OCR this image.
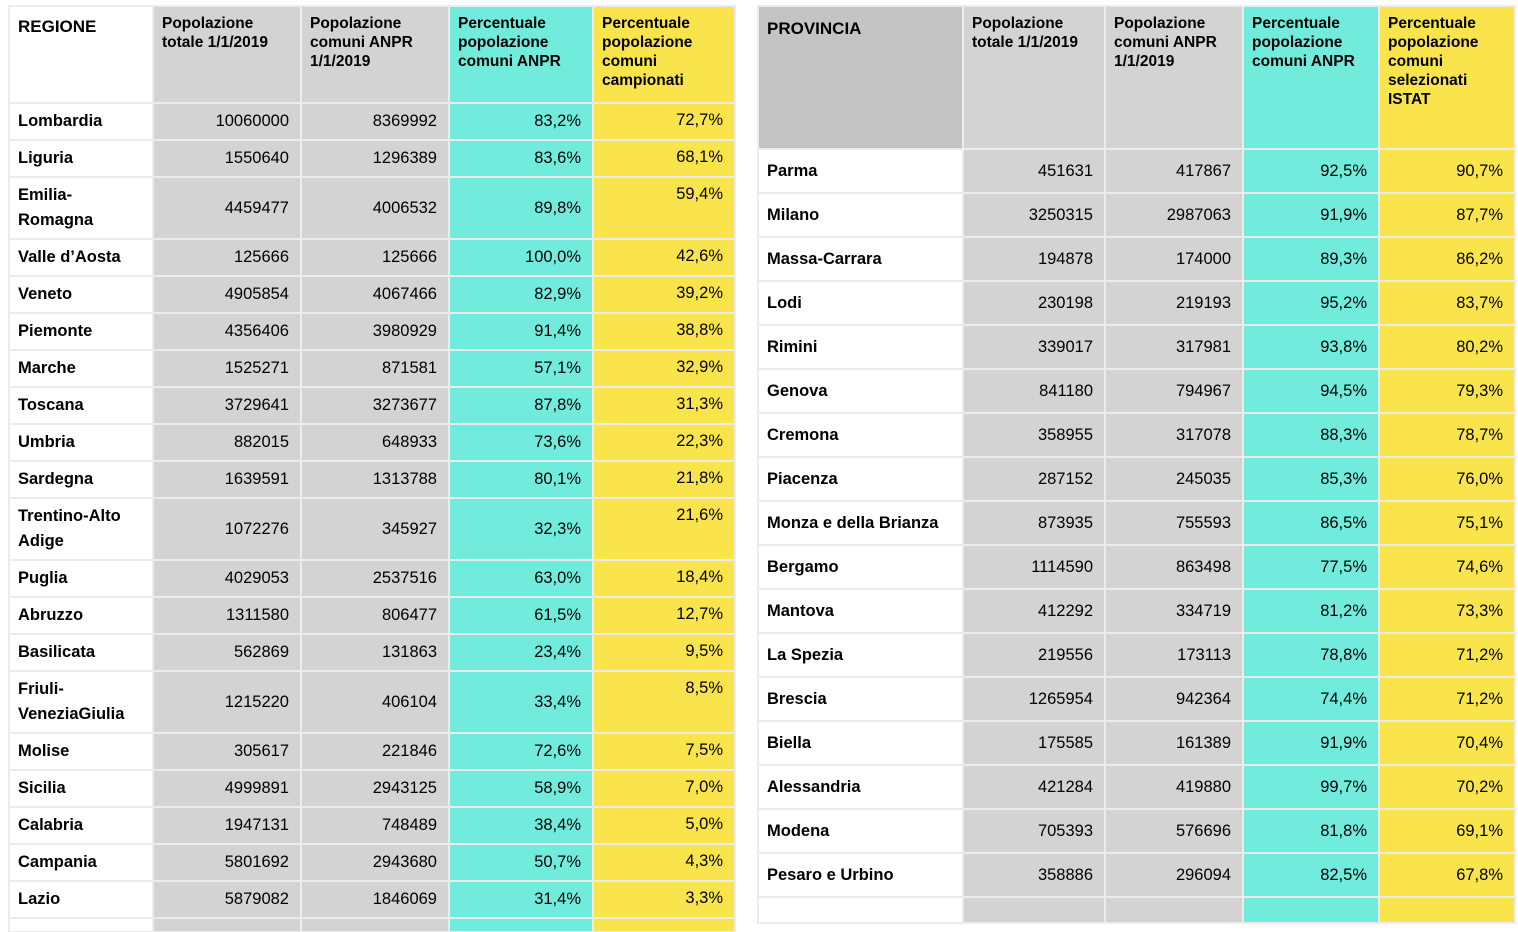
REGIONE	Popolazione totale 1/1/2019	Popolazione comuni ANPR 1/1/2019	Percentuale popolazione comuni ANPR	Percentuale popolazione comuni campionati
Lombardia	10060000	8369992	83,2%	72,7%
Liguria	1550640	1296389	83,6%	68,1%
Emilia-Romagna	4459477	4006532	89,8%	59,4%
Valle d’Aosta	125666	125666	100,0%	42,6%
Veneto	4905854	4067466	82,9%	39,2%
Piemonte	4356406	3980929	91,4%	38,8%
Marche	1525271	871581	57,1%	32,9%
Toscana	3729641	3273677	87,8%	31,3%
Umbria	882015	648933	73,6%	22,3%
Sardegna	1639591	1313788	80,1%	21,8%
Trentino-Alto Adige	1072276	345927	32,3%	21,6%
Puglia	4029053	2537516	63,0%	18,4%
Abruzzo	1311580	806477	61,5%	12,7%
Basilicata	562869	131863	23,4%	9,5%
Friuli-VeneziaGiulia	1215220	406104	33,4%	8,5%
Molise	305617	221846	72,6%	7,5%
Sicilia	4999891	2943125	58,9%	7,0%
Calabria	1947131	748489	38,4%	5,0%
Campania	5801692	2943680	50,7%	4,3%
Lazio	5879082	1846069	31,4%	3,3%

PROVINCIA	Popolazione totale 1/1/2019	Popolazione comuni ANPR 1/1/2019	Percentuale popolazione comuni ANPR	Percentuale popolazione comuni selezionati ISTAT
Parma	451631	417867	92,5%	90,7%
Milano	3250315	2987063	91,9%	87,7%
Massa-Carrara	194878	174000	89,3%	86,2%
Lodi	230198	219193	95,2%	83,7%
Rimini	339017	317981	93,8%	80,2%
Genova	841180	794967	94,5%	79,3%
Cremona	358955	317078	88,3%	78,7%
Piacenza	287152	245035	85,3%	76,0%
Monza e della Brianza	873935	755593	86,5%	75,1%
Bergamo	1114590	863498	77,5%	74,6%
Mantova	412292	334719	81,2%	73,3%
La Spezia	219556	173113	78,8%	71,2%
Brescia	1265954	942364	74,4%	71,2%
Biella	175585	161389	91,9%	70,4%
Alessandria	421284	419880	99,7%	70,2%
Modena	705393	576696	81,8%	69,1%
Pesaro e Urbino	358886	296094	82,5%	67,8%
